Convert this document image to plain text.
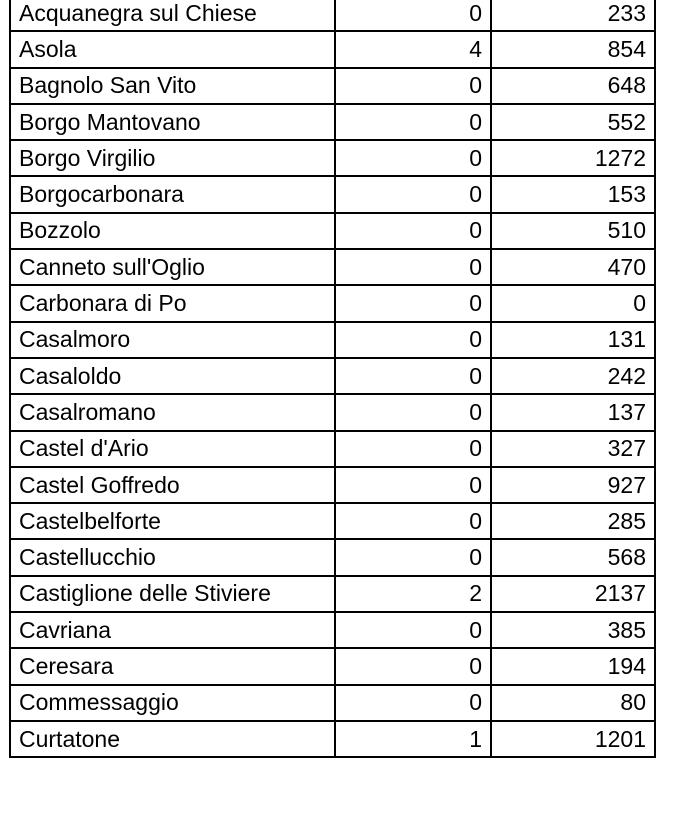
Acquanegra sul Chiese	0	233
Asola	4	854
Bagnolo San Vito	0	648
Borgo Mantovano	0	552
Borgo Virgilio	0	1272
Borgocarbonara	0	153
Bozzolo	0	510
Canneto sull'Oglio	0	470
Carbonara di Po	0	0
Casalmoro	0	131
Casaloldo	0	242
Casalromano	0	137
Castel d'Ario	0	327
Castel Goffredo	0	927
Castelbelforte	0	285
Castellucchio	0	568
Castiglione delle Stiviere	2	2137
Cavriana	0	385
Ceresara	0	194
Commessaggio	0	80
Curtatone	1	1201
